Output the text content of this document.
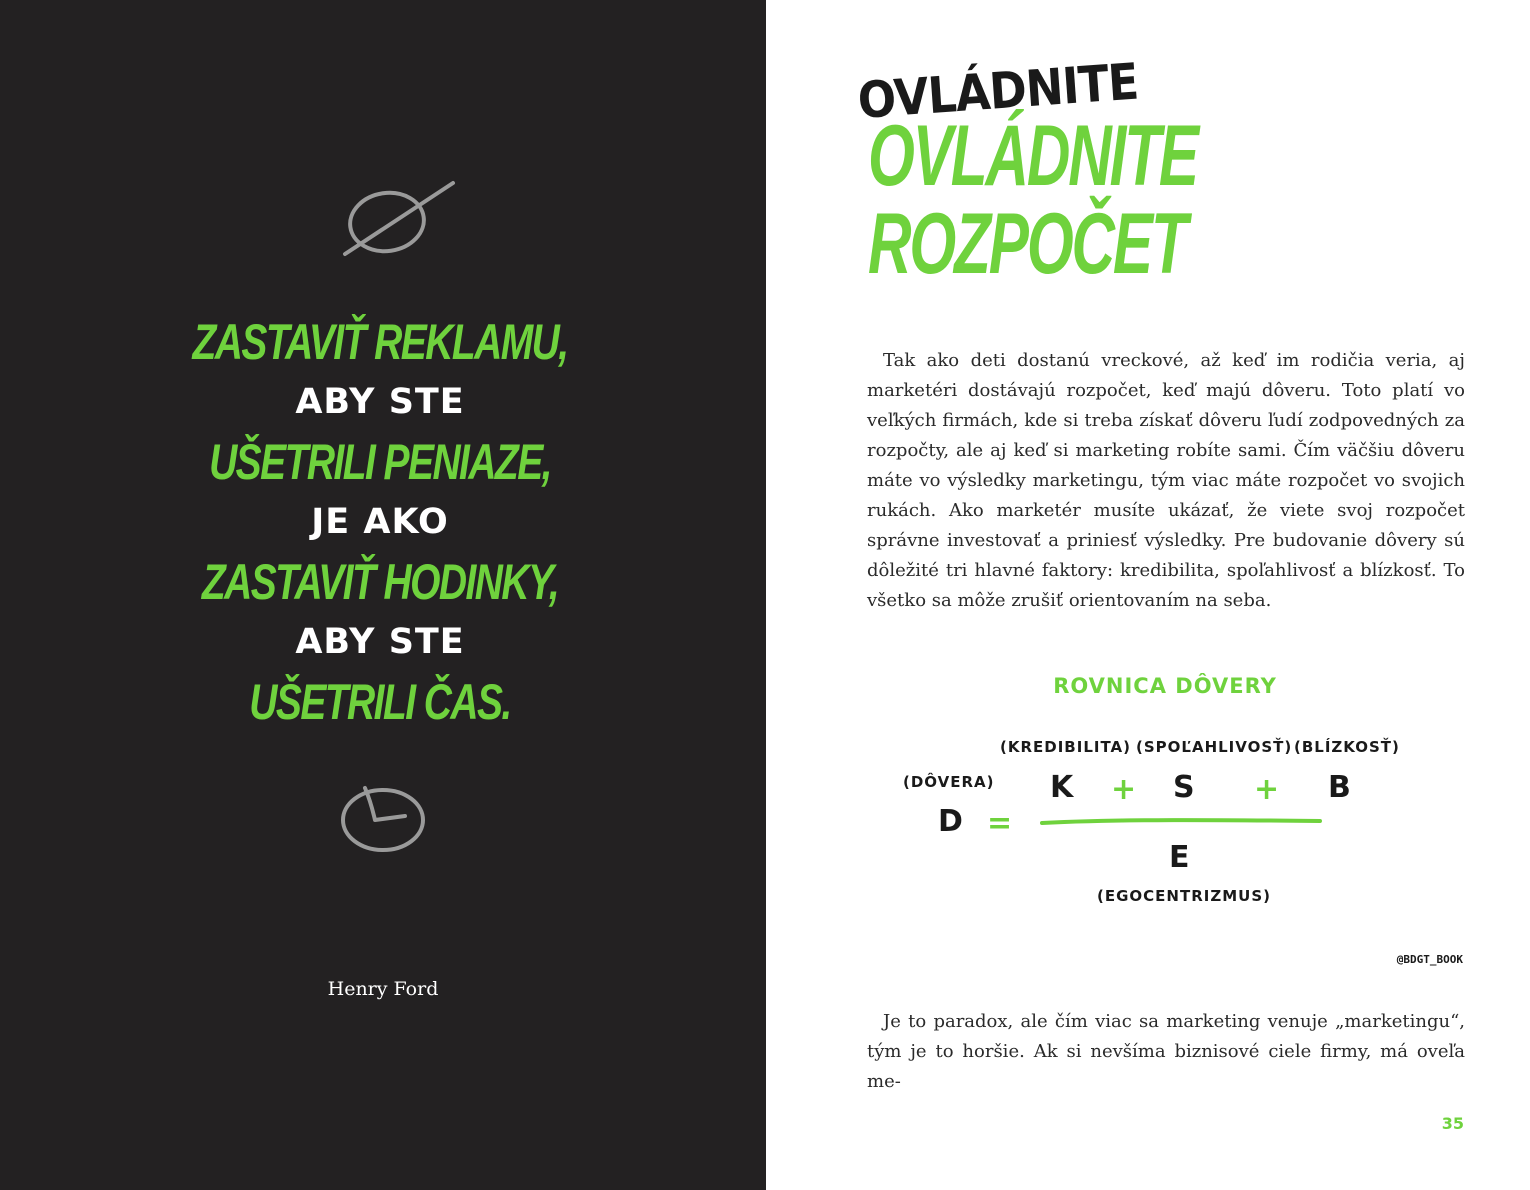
ZASTAVIŤ REKLAMU,
ABY STE
UŠETRILI PENIAZE,
JE AKO
ZASTAVIŤ HODINKY,
ABY STE
UŠETRILI ČAS.
Henry Ford
OVLÁDNITE
ROZPOČET
OVLÁDNITE

Tak ako deti dostanú vreckové, až keď im rodičia veria, aj marketéri dostávajú rozpočet, keď majú dôveru. Toto platí vo veľkých firmách, kde si treba získať dôveru ľudí zodpovedných za rozpočty, ale aj keď si marketing robíte sami. Čím väčšiu dôveru máte vo výsledky marketingu, tým viac máte rozpočet vo svojich rukách. Ako marketér musíte ukázať, že viete svoj rozpočet správne investovať a priniesť výsledky. Pre budovanie dôvery sú dôležité tri hlavné faktory: kredibilita, spoľahlivosť a blízkosť. To všetko sa môže zrušiť orientovaním na seba.

ROVNICA DÔVERY
(KREDIBILITA) (SPOĽAHLIVOSŤ) (BLÍZKOSŤ)
(DÔVERA) K + S + B
D =
E
(EGOCENTRIZMUS)
@BDGT_BOOK

Je to paradox, ale čím viac sa marketing venuje „marketingu“, tým je to horšie. Ak si nevšíma biznisové ciele firmy, má oveľa me-

35
